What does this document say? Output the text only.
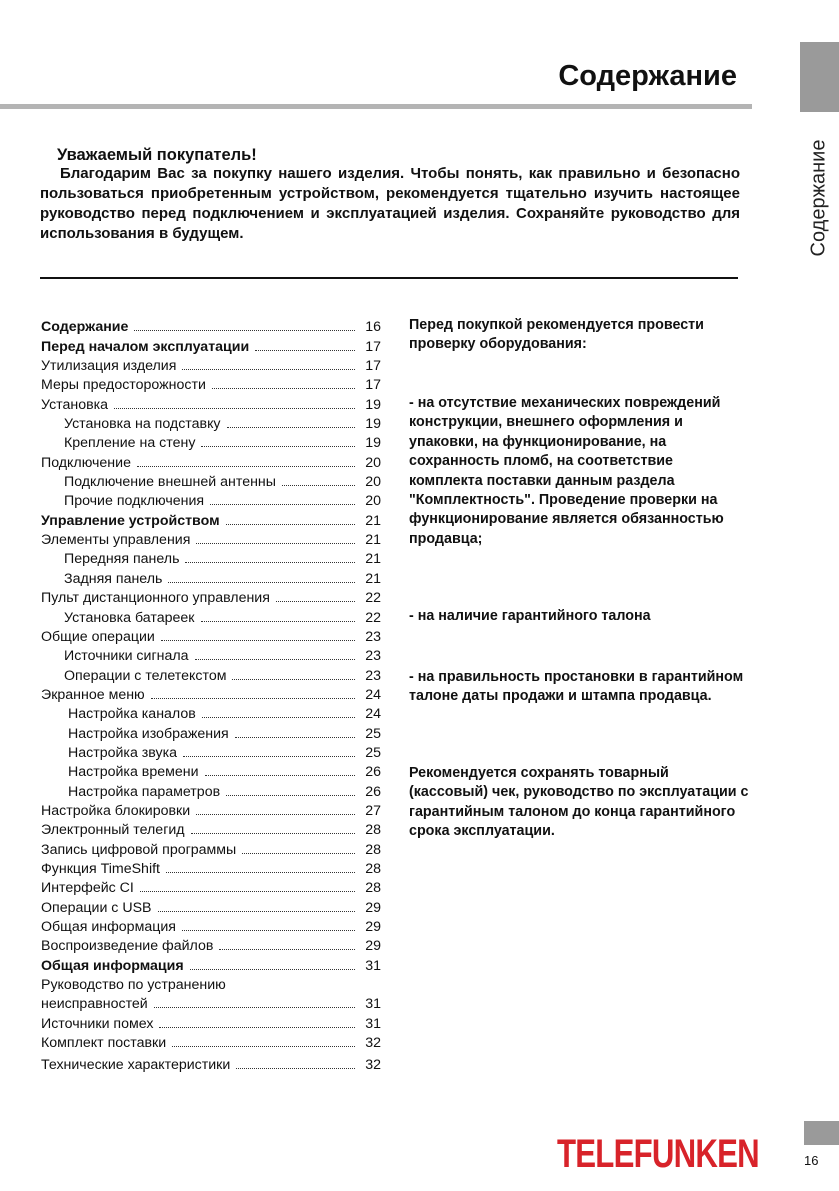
Содержание
Содержание
Уважаемый покупатель!
Благодарим Вас за покупку нашего изделия. Чтобы понять, как правильно и безопасно пользоваться приобретенным устройством, рекомендуется тщательно изучить настоящее руководство перед подключением и эксплуатацией изделия. Сохраняйте руководство для использования в будущем.
Содержание	16
Перед началом эксплуатации	17
Утилизация изделия	17
Меры предосторожности	17
Установка	19
Установка на подставку	19
Крепление на стену	19
Подключение	20
Подключение внешней антенны	20
Прочие подключения	20
Управление устройством	21
Элементы управления	21
Передняя панель	21
Задняя панель	21
Пульт дистанционного управления	22
Установка батареек	22
Общие операции	23
Источники сигнала	23
Операции с телетекстом	23
Экранное меню	24
Настройка каналов	24
Настройка изображения	25
Настройка звука	25
Настройка времени	26
Настройка параметров	26
Настройка блокировки	27
Электронный телегид	28
Запись цифровой программы	28
Функция TimeShift	28
Интерфейс CI	28
Операции с USB	29
Общая информация	29
Воспроизведение файлов	29
Общая информация	31
Руководство по устранению
неисправностей	31
Источники помех	31
Комплект поставки	32
Технические характеристики	32
Перед покупкой рекомендуется провести проверку оборудования:
- на отсутствие механических повреждений конструкции, внешнего оформления и упаковки, на функционирование, на сохранность пломб, на соответствие комплекта поставки данным раздела "Комплектность". Проведение проверки на функционирование является обязанностью продавца;
- на наличие гарантийного талона
- на правильность простановки в гарантийном талоне даты продажи и штампа продавца.
Рекомендуется сохранять товарный (кассовый) чек, руководство по эксплуатации с гарантийным талоном до конца гарантийного срока эксплуатации.
TELEFUNKEN	16
